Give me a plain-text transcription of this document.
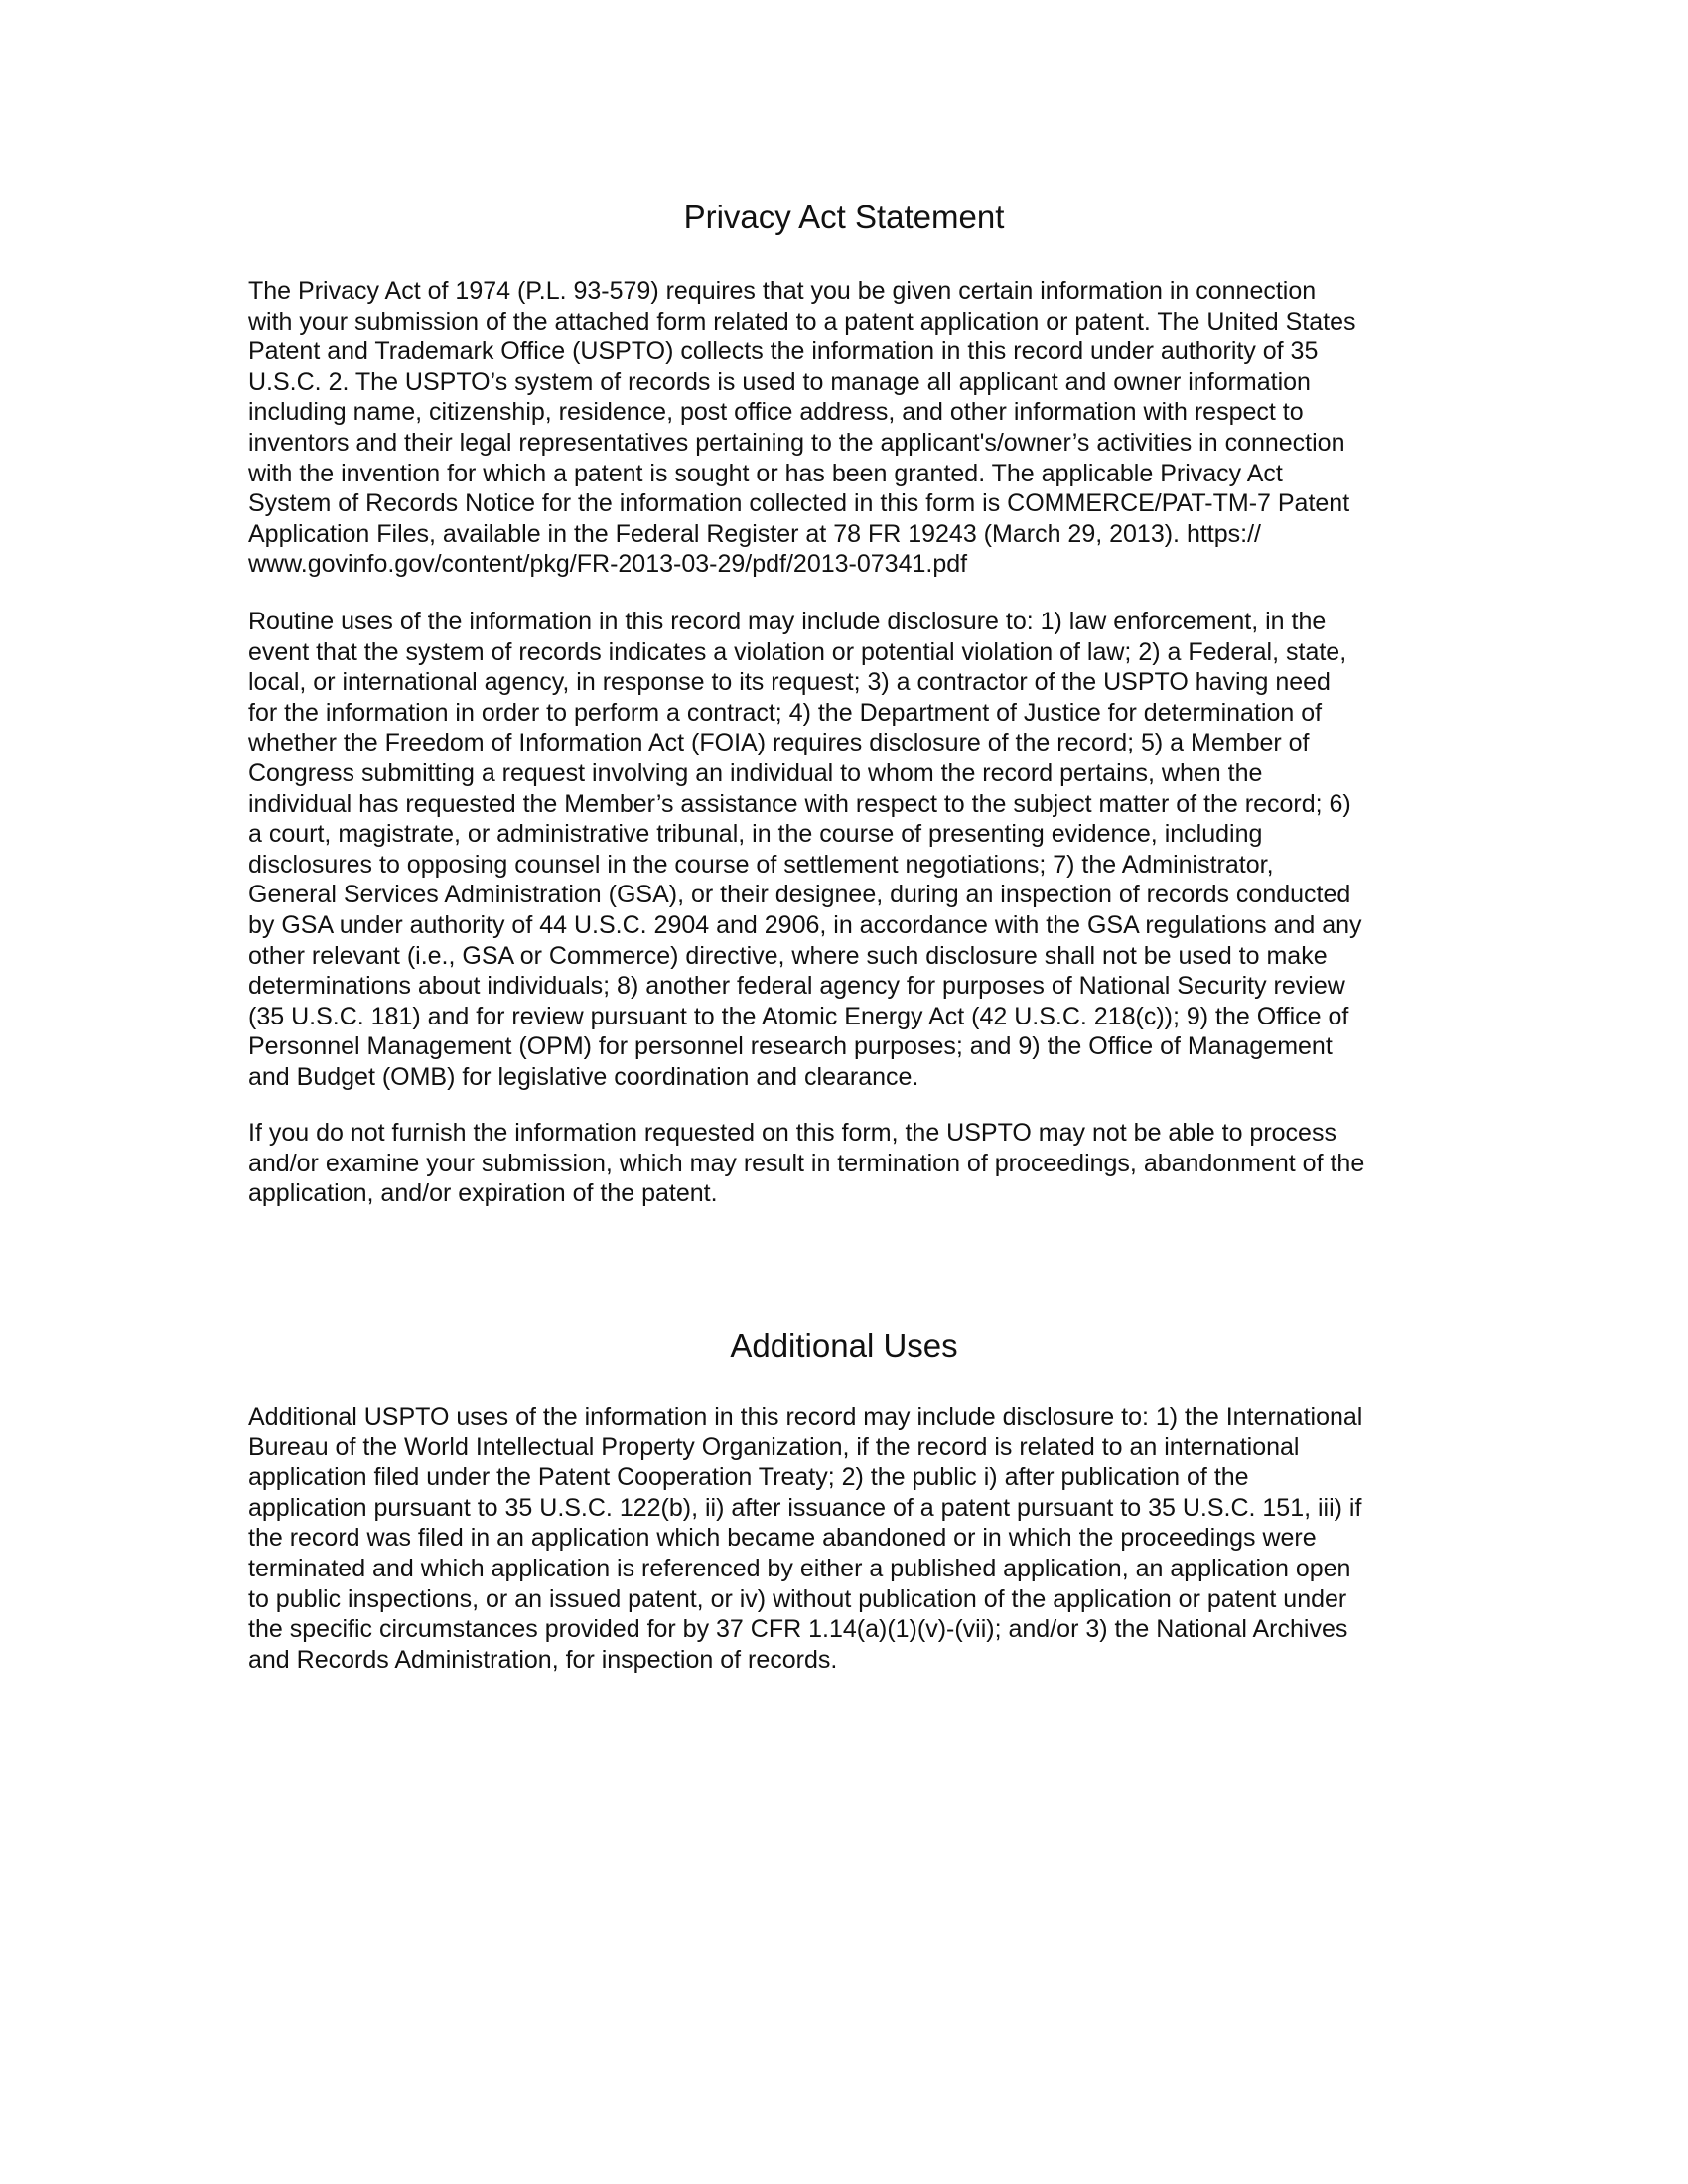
Privacy Act Statement

The Privacy Act of 1974 (P.L. 93-579) requires that you be given certain information in connection
with your submission of the attached form related to a patent application or patent. The United States
Patent and Trademark Office (USPTO) collects the information in this record under authority of 35
U.S.C. 2. The USPTO’s system of records is used to manage all applicant and owner information
including name, citizenship, residence, post office address, and other information with respect to
inventors and their legal representatives pertaining to the applicant's/owner’s activities in connection
with the invention for which a patent is sought or has been granted. The applicable Privacy Act
System of Records Notice for the information collected in this form is COMMERCE/PAT-TM-7 Patent
Application Files, available in the Federal Register at 78 FR 19243 (March 29, 2013). https://
www.govinfo.gov/content/pkg/FR-2013-03-29/pdf/2013-07341.pdf

Routine uses of the information in this record may include disclosure to: 1) law enforcement, in the
event that the system of records indicates a violation or potential violation of law; 2) a Federal, state,
local, or international agency, in response to its request; 3) a contractor of the USPTO having need
for the information in order to perform a contract; 4) the Department of Justice for determination of
whether the Freedom of Information Act (FOIA) requires disclosure of the record; 5) a Member of
Congress submitting a request involving an individual to whom the record pertains, when the
individual has requested the Member’s assistance with respect to the subject matter of the record; 6)
a court, magistrate, or administrative tribunal, in the course of presenting evidence, including
disclosures to opposing counsel in the course of settlement negotiations; 7) the Administrator,
General Services Administration (GSA), or their designee, during an inspection of records conducted
by GSA under authority of 44 U.S.C. 2904 and 2906, in accordance with the GSA regulations and any
other relevant (i.e., GSA or Commerce) directive, where such disclosure shall not be used to make
determinations about individuals; 8) another federal agency for purposes of National Security review
(35 U.S.C. 181) and for review pursuant to the Atomic Energy Act (42 U.S.C. 218(c)); 9) the Office of
Personnel Management (OPM) for personnel research purposes; and 9) the Office of Management
and Budget (OMB) for legislative coordination and clearance.

If you do not furnish the information requested on this form, the USPTO may not be able to process
and/or examine your submission, which may result in termination of proceedings, abandonment of the
application, and/or expiration of the patent.

Additional Uses

Additional USPTO uses of the information in this record may include disclosure to: 1) the International
Bureau of the World Intellectual Property Organization, if the record is related to an international
application filed under the Patent Cooperation Treaty; 2) the public i) after publication of the
application pursuant to 35 U.S.C. 122(b), ii) after issuance of a patent pursuant to 35 U.S.C. 151, iii) if
the record was filed in an application which became abandoned or in which the proceedings were
terminated and which application is referenced by either a published application, an application open
to public inspections, or an issued patent, or iv) without publication of the application or patent under
the specific circumstances provided for by 37 CFR 1.14(a)(1)(v)-(vii); and/or 3) the National Archives
and Records Administration, for inspection of records.
